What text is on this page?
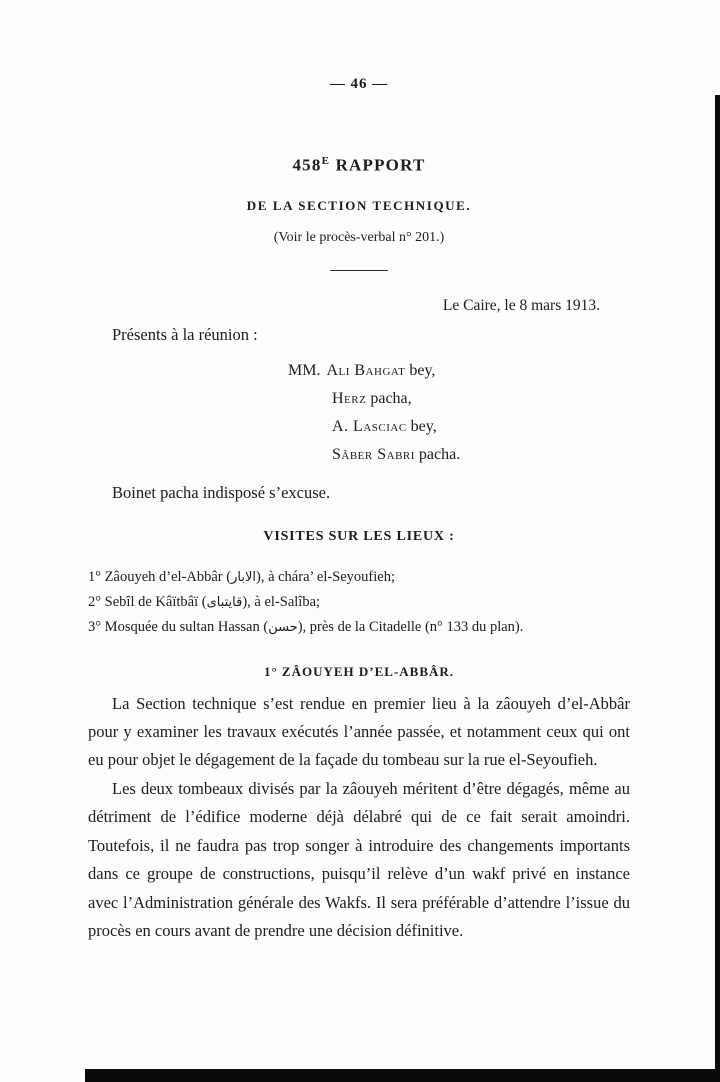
— 46 —
$458^E$ RAPPORT
DE LA SECTION TECHNIQUE.
(Voir le procès-verbal n° 201.)
Le Caire, le 8 mars 1913.
Présents à la réunion :
MM. Ali Bahgat bey,
Herz pacha,
A. Lasciac bey,
Sâber Sabri pacha.
Boinet pacha indisposé s’excuse.
VISITES SUR LES LIEUX :
1° Zâouyeh d’el-Abbâr (الابار), à chára’ el-Seyoufieh;
2° Sebîl de Kâïtbâï (قايتباى), à el-Salîba;
3° Mosquée du sultan Hassan (حسن), près de la Citadelle (n° 133 du plan).
1° ZÂOUYEH D’EL-ABBÂR.

La Section technique s’est rendue en premier lieu à la zâouyeh d’el-Abbâr pour y examiner les travaux exécutés l’année passée, et notamment ceux qui ont eu pour objet le dégagement de la façade du tombeau sur la rue el-Seyoufieh.

Les deux tombeaux divisés par la zâouyeh méritent d’être dégagés, même au détriment de l’édifice moderne déjà délabré qui de ce fait serait amoindri. Toutefois, il ne faudra pas trop songer à introduire des changements importants dans ce groupe de constructions, puisqu’il relève d’un wakf privé en instance avec l’Administration générale des Wakfs. Il sera préférable d’attendre l’issue du procès en cours avant de prendre une décision définitive.
